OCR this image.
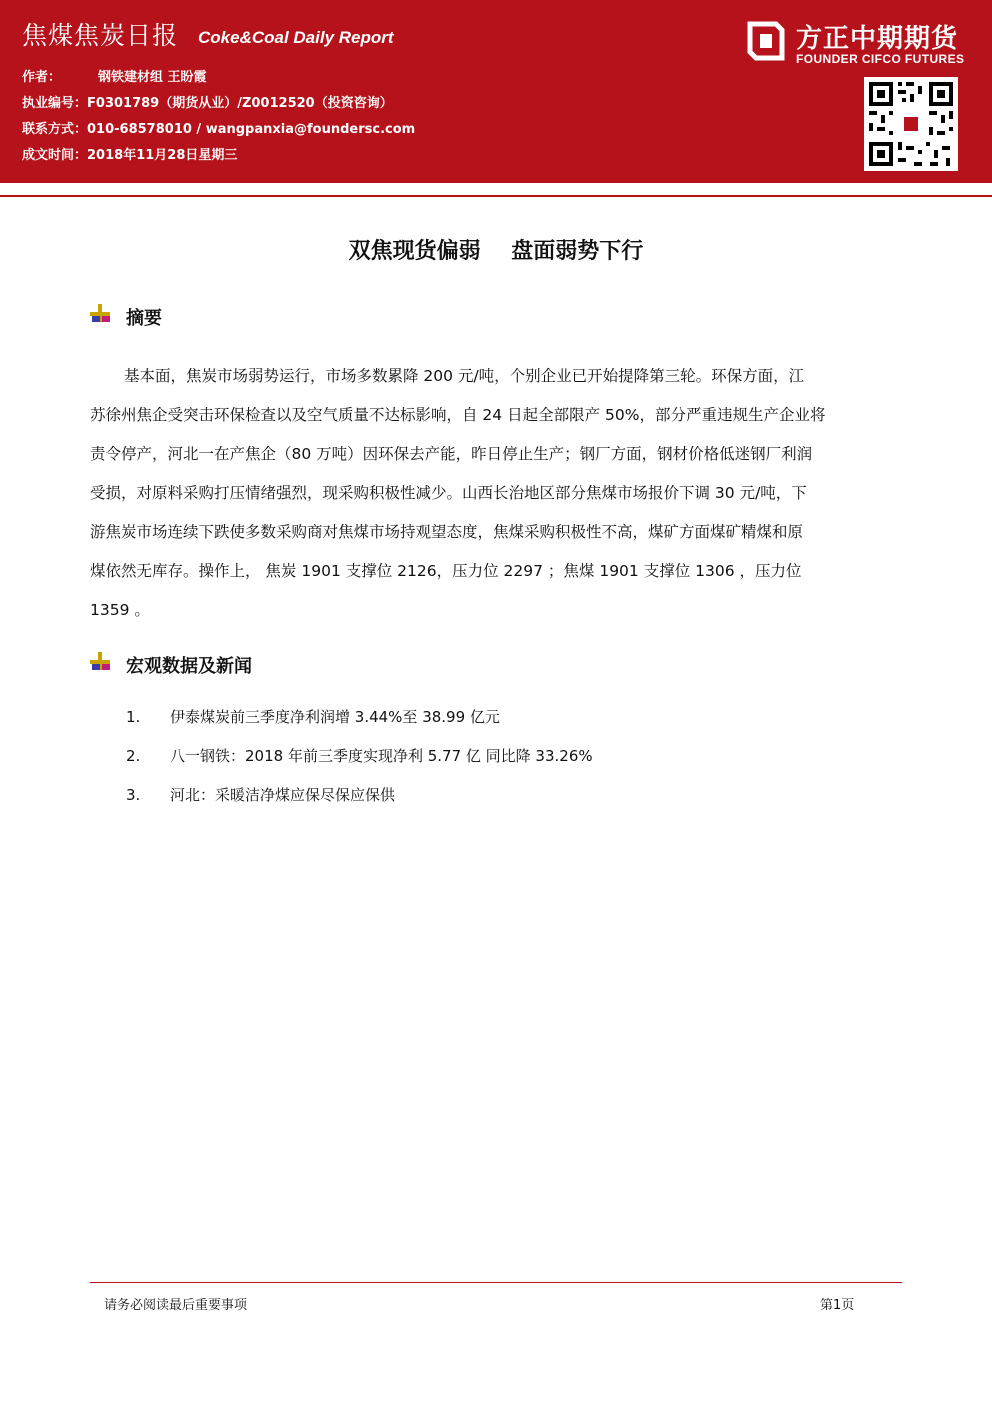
焦煤焦炭日报 Coke&Coal Daily Report
作者：	钢铁建材组 王盼霞
执业编号：F0301789（期货从业）/Z0012520（投资咨询）
联系方式：010-68578010 / wangpanxia@foundersc.com
成文时间：2018年11月28日星期三
方正中期期货
FOUNDER CIFCO FUTURES
双焦现货偏弱    盘面弱势下行
摘要
基本面，焦炭市场弱势运行，市场多数累降 200 元/吨，个别企业已开始提降第三轮。环保方面，江
苏徐州焦企受突击环保检查以及空气质量不达标影响，自 24 日起全部限产 50%，部分严重违规生产企业将
责令停产，河北一在产焦企（80 万吨）因环保去产能，昨日停止生产；钢厂方面，钢材价格低迷钢厂利润
受损，对原料采购打压情绪强烈，现采购积极性减少。山西长治地区部分焦煤市场报价下调 30 元/吨，下
游焦炭市场连续下跌使多数采购商对焦煤市场持观望态度，焦煤采购积极性不高，煤矿方面煤矿精煤和原
煤依然无库存。操作上， 焦炭 1901 支撑位 2126，压力位 2297 ；焦煤 1901 支撑位 1306 ，压力位
1359 。
宏观数据及新闻
1. 伊泰煤炭前三季度净利润增 3.44%至 38.99 亿元
2. 八一钢铁：2018 年前三季度实现净利 5.77 亿 同比降 33.26%
3. 河北：采暖洁净煤应保尽保应保供
请务必阅读最后重要事项	第1页
